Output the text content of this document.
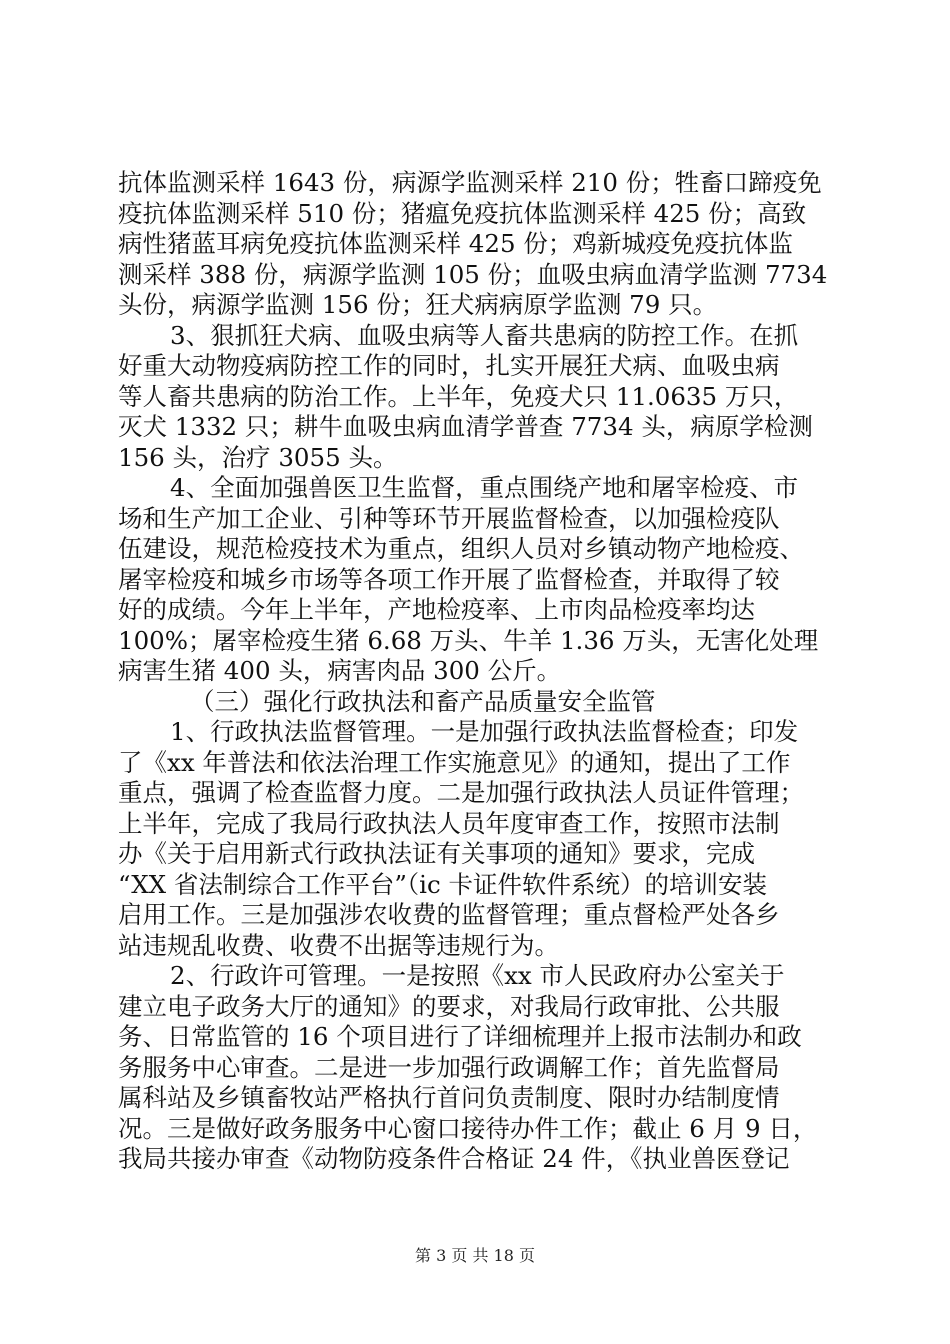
抗体监测采样 1643 份，病源学监测采样 210 份；牲畜口蹄疫免
疫抗体监测采样 510 份；猪瘟免疫抗体监测采样 425 份；高致
病性猪蓝耳病免疫抗体监测采样 425 份；鸡新城疫免疫抗体监
测采样 388 份，病源学监测 105 份；血吸虫病血清学监测 7734
头份，病源学监测 156 份；狂犬病病原学监测 79 只。
3、狠抓狂犬病、血吸虫病等人畜共患病的防控工作。在抓
好重大动物疫病防控工作的同时，扎实开展狂犬病、血吸虫病
等人畜共患病的防治工作。上半年，免疫犬只 11.0635 万只，
灭犬 1332 只；耕牛血吸虫病血清学普查 7734 头，病原学检测
156 头，治疗 3055 头。
4、全面加强兽医卫生监督，重点围绕产地和屠宰检疫、市
场和生产加工企业、引种等环节开展监督检查，以加强检疫队
伍建设，规范检疫技术为重点，组织人员对乡镇动物产地检疫、
屠宰检疫和城乡市场等各项工作开展了监督检查，并取得了较
好的成绩。今年上半年，产地检疫率、上市肉品检疫率均达
100%；屠宰检疫生猪 6.68 万头、牛羊 1.36 万头，无害化处理
病害生猪 400 头，病害肉品 300 公斤。
（三）强化行政执法和畜产品质量安全监管
1、行政执法监督管理。一是加强行政执法监督检查；印发
了《xx 年普法和依法治理工作实施意见》的通知，提出了工作
重点，强调了检查监督力度。二是加强行政执法人员证件管理；
上半年，完成了我局行政执法人员年度审查工作，按照市法制
办《关于启用新式行政执法证有关事项的通知》要求，完成
“XX 省法制综合工作平台”（ic 卡证件软件系统）的培训安装
启用工作。三是加强涉农收费的监督管理；重点督检严处各乡
站违规乱收费、收费不出据等违规行为。
2、行政许可管理。一是按照《xx 市人民政府办公室关于
建立电子政务大厅的通知》的要求，对我局行政审批、公共服
务、日常监管的 16 个项目进行了详细梳理并上报市法制办和政
务服务中心审查。二是进一步加强行政调解工作；首先监督局
属科站及乡镇畜牧站严格执行首问负责制度、限时办结制度情
况。三是做好政务服务中心窗口接待办件工作；截止 6 月 9 日，
我局共接办审查《动物防疫条件合格证 24 件，《执业兽医登记
第 3 页 共 18 页
